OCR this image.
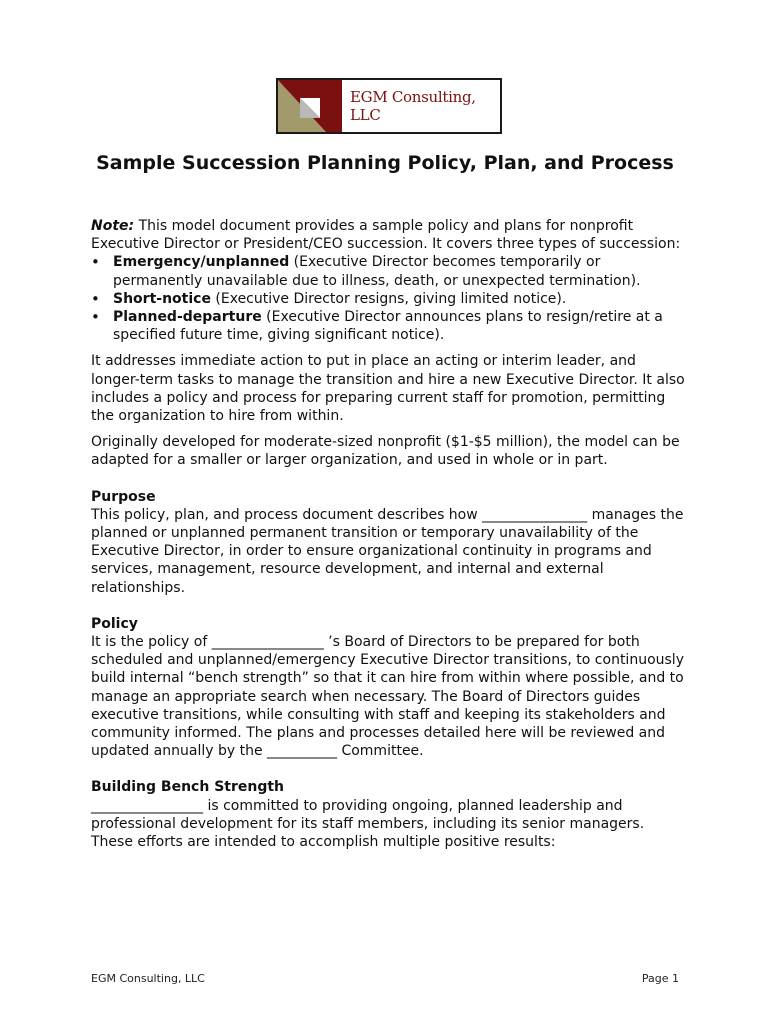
EGM Consulting, LLC
Sample Succession Planning Policy, Plan, and Process

Note: This model document provides a sample policy and plans for nonprofit Executive Director or President/CEO succession. It covers three types of succession:

• Emergency/unplanned (Executive Director becomes temporarily or permanently unavailable due to illness, death, or unexpected termination).
• Short-notice (Executive Director resigns, giving limited notice).
• Planned-departure (Executive Director announces plans to resign/retire at a specified future time, giving significant notice).

It addresses immediate action to put in place an acting or interim leader, and longer-term tasks to manage the transition and hire a new Executive Director. It also includes a policy and process for preparing current staff for promotion, permitting the organization to hire from within.

Originally developed for moderate-sized nonprofit ($1-$5 million), the model can be adapted for a smaller or larger organization, and used in whole or in part.

Purpose

This policy, plan, and process document describes how _______________ manages the planned or unplanned permanent transition or temporary unavailability of the Executive Director, in order to ensure organizational continuity in programs and services, management, resource development, and internal and external relationships.

Policy

It is the policy of ________________ ’s Board of Directors to be prepared for both scheduled and unplanned/emergency Executive Director transitions, to continuously build internal “bench strength” so that it can hire from within where possible, and to manage an appropriate search when necessary. The Board of Directors guides executive transitions, while consulting with staff and keeping its stakeholders and community informed. The plans and processes detailed here will be reviewed and updated annually by the __________ Committee.

Building Bench Strength

________________ is committed to providing ongoing, planned leadership and professional development for its staff members, including its senior managers. These efforts are intended to accomplish multiple positive results:

EGM Consulting, LLC	Page 1
